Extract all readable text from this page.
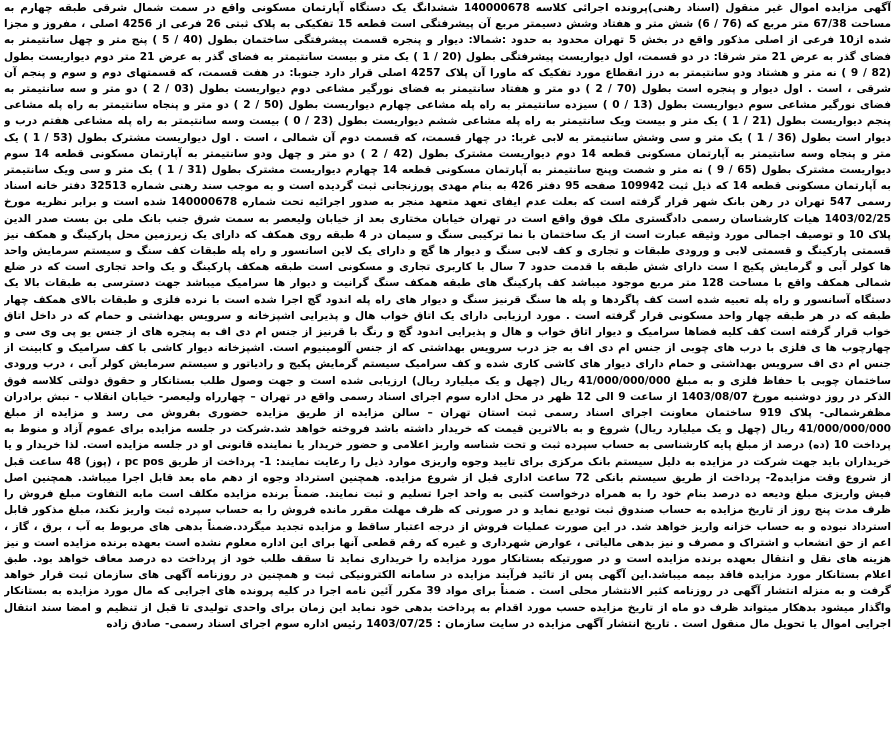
آگهی مزایده اموال غیر منقول (اسناد رهنی)پرونده اجرائی کلاسه 140000678 ششدانگ یک دستگاه آپارتمان مسکونی واقع در سمت شمال شرقی طبقه چهارم به مساحت 67/38 متر مربع که (76 / 6) شش متر و هفتاد وشش دسیمتر مربع آن پیشرفتگی است قطعه 15 تفکیکی به پلاک ثبتی 26 فرعی از 4256 اصلی ، مفروز و مجزا شده از10 فرعی از اصلی مذکور واقع در بخش 5 تهران محدود به حدود :شمالا: دیوار و پنجره قسمت پیشرفتگی ساختمان بطول (40 / 5 ) پنج متر و چهل سانتیمتر به فضای گذر به عرض 21 متر شرقا: در دو قسمت، اول دیواریست پیشرفتگی بطول (20 / 1 ) یک متر و بیست سانتیمتر به فضای گذر به عرض 21 متر دوم دیواریست بطول (82 / 9 ) نه متر و هشتاد ودو سانتیمتر به درز انقطاع مورد تفکیک که ماورا آن پلاک 4257 اصلی قرار دارد جنوبا: در هفت قسمت، که قسمتهای دوم و سوم و پنجم آن شرقی ، است . اول دیوار و پنجره است بطول (70 / 2 ) دو متر و هفتاد سانتیمتر به فضای نورگیر مشاعی دوم دیواریست بطول (03 / 2 ) دو متر و سه سانتیمتر به فضای نورگیر مشاعی سوم دیواریست بطول (13 / 0 ) سیزده سانتیمتر به راه پله مشاعی چهارم دیواریست بطول (50 / 2 ) دو متر و پنجاه سانتیمتر به راه پله مشاعی پنجم دیواریست بطول (21 / 1 ) یک متر و بیست ویک سانتیمتر به راه پله مشاعی ششم دیواریست بطول (23 / 0 ) بیست وسه سانتیمتر به راه پله مشاعی هفتم درب و دیوار است بطول (36 / 1 ) یک متر و سی وشش سانتیمتر به لابی غربا: در چهار قسمت، که قسمت دوم آن شمالی ، است . اول دیواریست مشترک بطول (53 / 1 ) یک متر و پنجاه وسه سانتیمتر به آپارتمان مسکونی قطعه 14 دوم دیواریست مشترک بطول (42 / 2 ) دو متر و چهل ودو سانتیمتر به آپارتمان مسکونی قطعه 14 سوم دیواریست مشترک بطول (65 / 9 ) نه متر و شصت وپنج سانتیمتر به آپارتمان مسکونی قطعه 14 چهارم دیواریست مشترک بطول (31 / 1 ) یک متر و سی ویک سانتیمتر به آپارتمان مسکونی قطعه 14 که ذیل ثبت 109942 صفحه 95 دفتر 426 به بنام مهدی پورزنجانی ثبت گردیده است و به موجب سند رهنی شماره 32513 دفتر خانه اسناد رسمی 547 تهران در رهن بانک شهر قرار گرفته است که بعلت عدم ایفای تعهد متعهد منجر به صدور اجرائیه تحت شماره 140000678 شده است و برابر نظریه مورخ 1403/02/25 هیات کارشناسان رسمی دادگستری ملک فوق واقع است در تهران خیابان مختاری بعد از خیابان ولیعصر به سمت شرق جنب بانک ملی بن بست صدر الدین پلاک 10 و توصیف اجمالی مورد وثیقه عبارت است از یک ساختمان با نما ترکیبی سنگ و سیمان در 4 طبقه روی همکف که دارای یک زیرزمین محل پارکینگ و همکف نیز قسمتی پارکینگ و قسمتی لابی و ورودی طبقات و تجاری و کف لابی سنگ و دیوار ها گچ و دارای یک لاین اسانسور و راه پله طبقات کف سنگ و سیستم سرمایش واحد ها کولر آبی و گرمایش پکیج ا ست دارای شش طبقه با قدمت حدود 7 سال با کاربری تجاری و مسکونی است طبقه همکف پارکینگ و یک واحد تجاری است که در ضلع شمالی همکف واقع با مساحت 128 متر مربع موجود میباشد کف پارکینگ های طبقه همکف سنگ گرانیت و دیوار ها سرامیک میباشد جهت دسترسی به طبقات بالا یک دستگاه آسانسور و راه پله تعبیه شده است کف پاگردها و پله ها سنگ قرنیز سنگ و دیوار های راه پله اندود گچ اجرا شده است با نرده فلزی و طبقات بالای همکف چهار طبقه که در هر طبقه چهار واحد مسکونی قرار گرفته است . مورد ارزیابی دارای یک اتاق خواب هال و پذیرایی اشپزخانه و سرویس بهداشتی و حمام که در داخل اتاق خواب قرار گرفته است کف کلیه فضاها سرامیک و دیوار اتاق خواب و هال و پذیرایی اندود گچ و رنگ با قرنیز از جنس ام دی اف به پنجره های از جنس یو پی وی سی و چهارچوب ها ی فلزی با درب های چوبی از جنس ام دی اف به جز درب سرویس بهداشتی که از جنس آلومینیوم است. اشپزخانه دیوار کاشی با کف سرامیک و کابینت از جنس ام دی اف سرویس بهداشتی و حمام دارای دیوار های کاشی کاری شده و کف سرامیک سیستم گرمایش پکیج و رادیاتور و سیستم سرمایش کولر آبی ، درب ورودی ساختمان چوبی با حفاظ فلزی و به مبلغ 41/000/000/000 ریال (چهل و یک میلیارد ریال) ارزیابی شده است و جهت وصول طلب بستانکار و حقوق دولتی کلاسه فوق الذکر در روز دوشنبه مورخ 1403/08/07 از ساعت 9 الی 12 ظهر در محل اداره سوم اجرای اسناد رسمی واقع در تهران – چهارراه ولیعصر- خیابان انقلاب - نبش برادران مظفرشمالی- پلاک 919 ساختمان معاونت اجرای اسناد رسمی ثبت استان تهران – سالن مزایده از طریق مزایده حضوری بفروش می رسد و مزایده از مبلغ 41/000/000/000 ریال (چهل و یک میلیارد ریال) شروع و به بالاترین قیمت که خریدار داشته باشد فروخته خواهد شد.شرکت در جلسه مزایده برای عموم آزاد و منوط به پرداخت 10 (ده) درصد از مبلغ پایه کارشناسی به حساب سپرده ثبت و تحت شناسه واریز اعلامی و حضور خریدار یا نماینده قانونی او در جلسه مزایده است. لذا خریدار و یا خریداران باید جهت شرکت در مزایده به دلیل سیستم بانک مرکزی برای تایید وجوه واریزی موارد ذیل را رعایت نمایند: 1- پرداخت از طریق pc pos ، (پوز) 48 ساعت قبل از شروع وقت مزایده2- پرداخت از طریق سیستم بانکی 72 ساعت اداری قبل از شروع مزایده. همچنین استرداد وجوه از دهم ماه بعد قابل اجرا میباشد. همچنین اصل فیش واریزی مبلغ ودیعه ده درصد بنام خود را به همراه درخواست کتبی به واحد اجرا تسلیم و ثبت نمایند. ضمناً برنده مزایده مکلف است مابه التفاوت مبلغ فروش را ظرف مدت پنج روز از تاریخ مزایده به حساب صندوق ثبت تودیع نماید و در صورتی که ظرف مهلت مقرر مانده فروش را به حساب سپرده ثبت واریز نکند، مبلغ مذکور قابل استرداد نبوده و به حساب خزانه واریز خواهد شد. در این صورت عملیات فروش از درجه اعتبار ساقط و مزایده تجدید میگردد.ضمناً بدهی های مربوط به آب ، برق ، گاز ، اعم از حق انشعاب و اشتراک و مصرف و نیز بدهی مالیاتی ، عوارض شهرداری و غیره که رقم قطعی آنها برای این اداره معلوم نشده است بعهده برنده مزایده است و نیز هزینه های نقل و انتقال بعهده برنده مزایده است و در صورتیکه بستانکار مورد مزایده را خریداری نماید تا سقف طلب خود از پرداخت ده درصد معاف خواهد بود. طبق اعلام بستانکار مورد مزایده فاقد بیمه میباشد.این آگهی پس از تائید فرآیند مزایده در سامانه الکترونیکی ثبت و همچنین در روزنامه آگهی های سازمان ثبت قرار خواهد گرفت و به منزله انتشار آگهی در روزنامه کثیر الانتشار محلی است . ضمناً برای مواد 39 مکرر آئین نامه اجرا در کلیه پرونده های اجرایی که مال مورد مزایده به بستانکار واگذار میشود بدهکار میتواند ظرف دو ماه از تاریخ مزایده حسب مورد اقدام به پرداخت بدهی خود نماید این زمان برای واحدی تولیدی تا قبل از تنظیم و امضا سند انتقال اجرایی اموال یا تحویل مال منقول است . تاریخ انتشار آگهی مزایده در سایت سازمان : 1403/07/25 رئیس اداره سوم اجرای اسناد رسمی- صادق زاده
